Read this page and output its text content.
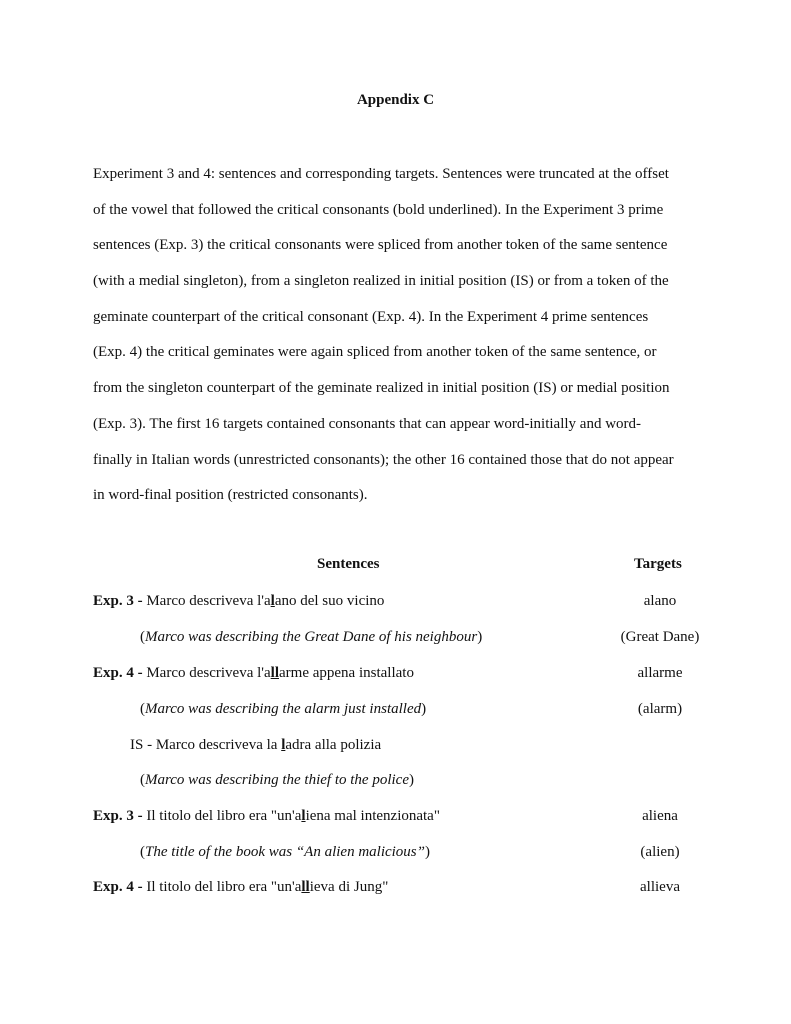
Appendix C
Experiment 3 and 4: sentences and corresponding targets. Sentences were truncated at the offset
of the vowel that followed the critical consonants (bold underlined). In the Experiment 3 prime
sentences (Exp. 3) the critical consonants were spliced from another token of the same sentence
(with a medial singleton), from a singleton realized in initial position (IS) or from a token of the
geminate counterpart of the critical consonant (Exp. 4). In the Experiment 4 prime sentences
(Exp. 4) the critical geminates were again spliced from another token of the same sentence, or
from the singleton counterpart of the geminate realized in initial position (IS) or medial position
(Exp. 3). The first 16 targets contained consonants that can appear word-initially and word-
finally in Italian words (unrestricted consonants); the other 16 contained those that do not appear
in word-final position (restricted consonants).
Sentences	Targets
Exp. 3 - Marco descriveva l'alano del suo vicino	alano
(Marco was describing the Great Dane of his neighbour)	(Great Dane)
Exp. 4 - Marco descriveva l'allarme appena installato	allarme
(Marco was describing the alarm just installed)	(alarm)
IS - Marco descriveva la ladra alla polizia
(Marco was describing the thief to the police)
Exp. 3 - Il titolo del libro era "un'aliena mal intenzionata"	aliena
(The title of the book was “An alien malicious”)	(alien)
Exp. 4 - Il titolo del libro era "un'allieva di Jung"	allieva
